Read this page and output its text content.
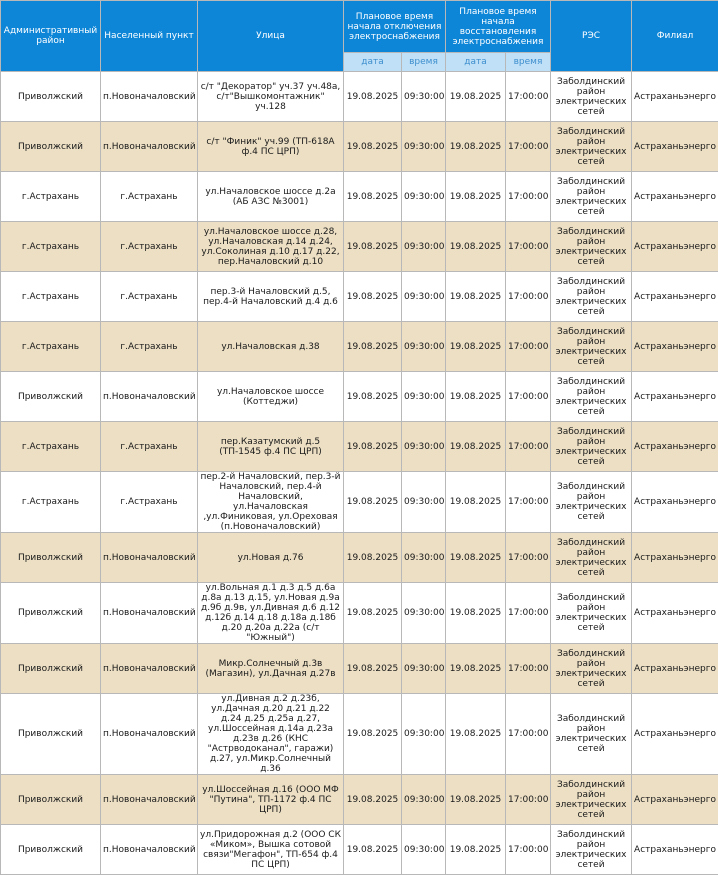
Административный район	Населенный пункт	Улица	Плановое время начала отключения электроснабжения		Плановое время начала восстановления электроснабжения		РЭС	Филиал
			дата	время	дата	время		
Приволжский	п.Новоначаловский	с/т "Декоратор" уч.37 уч.48а, с/т"Вышкомонтажник" уч.128	19.08.2025	09:30:00	19.08.2025	17:00:00	Заболдинский район электрических сетей	Астраханьэнерго
Приволжский	п.Новоначаловский	с/т "Финик" уч.99 (ТП-618А ф.4 ПС ЦРП)	19.08.2025	09:30:00	19.08.2025	17:00:00	Заболдинский район электрических сетей	Астраханьэнерго
г.Астрахань	г.Астрахань	ул.Началовское шоссе д.2а (АБ АЗС №3001)	19.08.2025	09:30:00	19.08.2025	17:00:00	Заболдинский район электрических сетей	Астраханьэнерго
г.Астрахань	г.Астрахань	ул.Началовское шоссе д.28, ул.Началовская д.14 д.24, ул.Соколиная д.10 д.17 д.22, пер.Началовский д.10	19.08.2025	09:30:00	19.08.2025	17:00:00	Заболдинский район электрических сетей	Астраханьэнерго
г.Астрахань	г.Астрахань	пер.3-й Началовский д.5, пер.4-й Началовский д.4 д.6	19.08.2025	09:30:00	19.08.2025	17:00:00	Заболдинский район электрических сетей	Астраханьэнерго
г.Астрахань	г.Астрахань	ул.Началовская д.38	19.08.2025	09:30:00	19.08.2025	17:00:00	Заболдинский район электрических сетей	Астраханьэнерго
Приволжский	п.Новоначаловский	ул.Началовское шоссе (Коттеджи)	19.08.2025	09:30:00	19.08.2025	17:00:00	Заболдинский район электрических сетей	Астраханьэнерго
г.Астрахань	г.Астрахань	пер.Казатумский д.5 (ТП-1545 ф.4 ПС ЦРП)	19.08.2025	09:30:00	19.08.2025	17:00:00	Заболдинский район электрических сетей	Астраханьэнерго
г.Астрахань	г.Астрахань	пер.2-й Началовский, пер.3-й Началовский, пер.4-й Началовский, ул.Началовская ,ул.Финиковая, ул.Ореховая (п.Новоначаловский)	19.08.2025	09:30:00	19.08.2025	17:00:00	Заболдинский район электрических сетей	Астраханьэнерго
Приволжский	п.Новоначаловский	ул.Новая д.76	19.08.2025	09:30:00	19.08.2025	17:00:00	Заболдинский район электрических сетей	Астраханьэнерго
Приволжский	п.Новоначаловский	ул.Вольная д.1 д.3 д.5 д.6а д.8а д.13 д.15, ул.Новая д.9а д.9б д.9в, ул.Дивная д.6 д.12 д.12б д.14 д.18 д.18а д.18б д.20 д.20а д.22а (с/т "Южный")	19.08.2025	09:30:00	19.08.2025	17:00:00	Заболдинский район электрических сетей	Астраханьэнерго
Приволжский	п.Новоначаловский	Микр.Солнечный д.3в (Магазин), ул.Дачная д.27в	19.08.2025	09:30:00	19.08.2025	17:00:00	Заболдинский район электрических сетей	Астраханьэнерго
Приволжский	п.Новоначаловский	ул.Дивная д.2 д.23б, ул.Дачная д.20 д.21 д.22 д.24 д.25 д.25а д.27, ул.Шоссейная д.14а д.23а д.23в д.26 (КНС "Астрводоканал", гаражи) д.27, ул.Микр.Солнечный д.36	19.08.2025	09:30:00	19.08.2025	17:00:00	Заболдинский район электрических сетей	Астраханьэнерго
Приволжский	п.Новоначаловский	ул.Шоссейная д.16 (ООО МФ "Путина", ТП-1172 ф.4 ПС ЦРП)	19.08.2025	09:30:00	19.08.2025	17:00:00	Заболдинский район электрических сетей	Астраханьэнерго
Приволжский	п.Новоначаловский	ул.Придорожная д.2 (ООО СК «Миком», Вышка сотовой связи"Мегафон", ТП-654 ф.4 ПС ЦРП)	19.08.2025	09:30:00	19.08.2025	17:00:00	Заболдинский район электрических сетей	Астраханьэнерго
